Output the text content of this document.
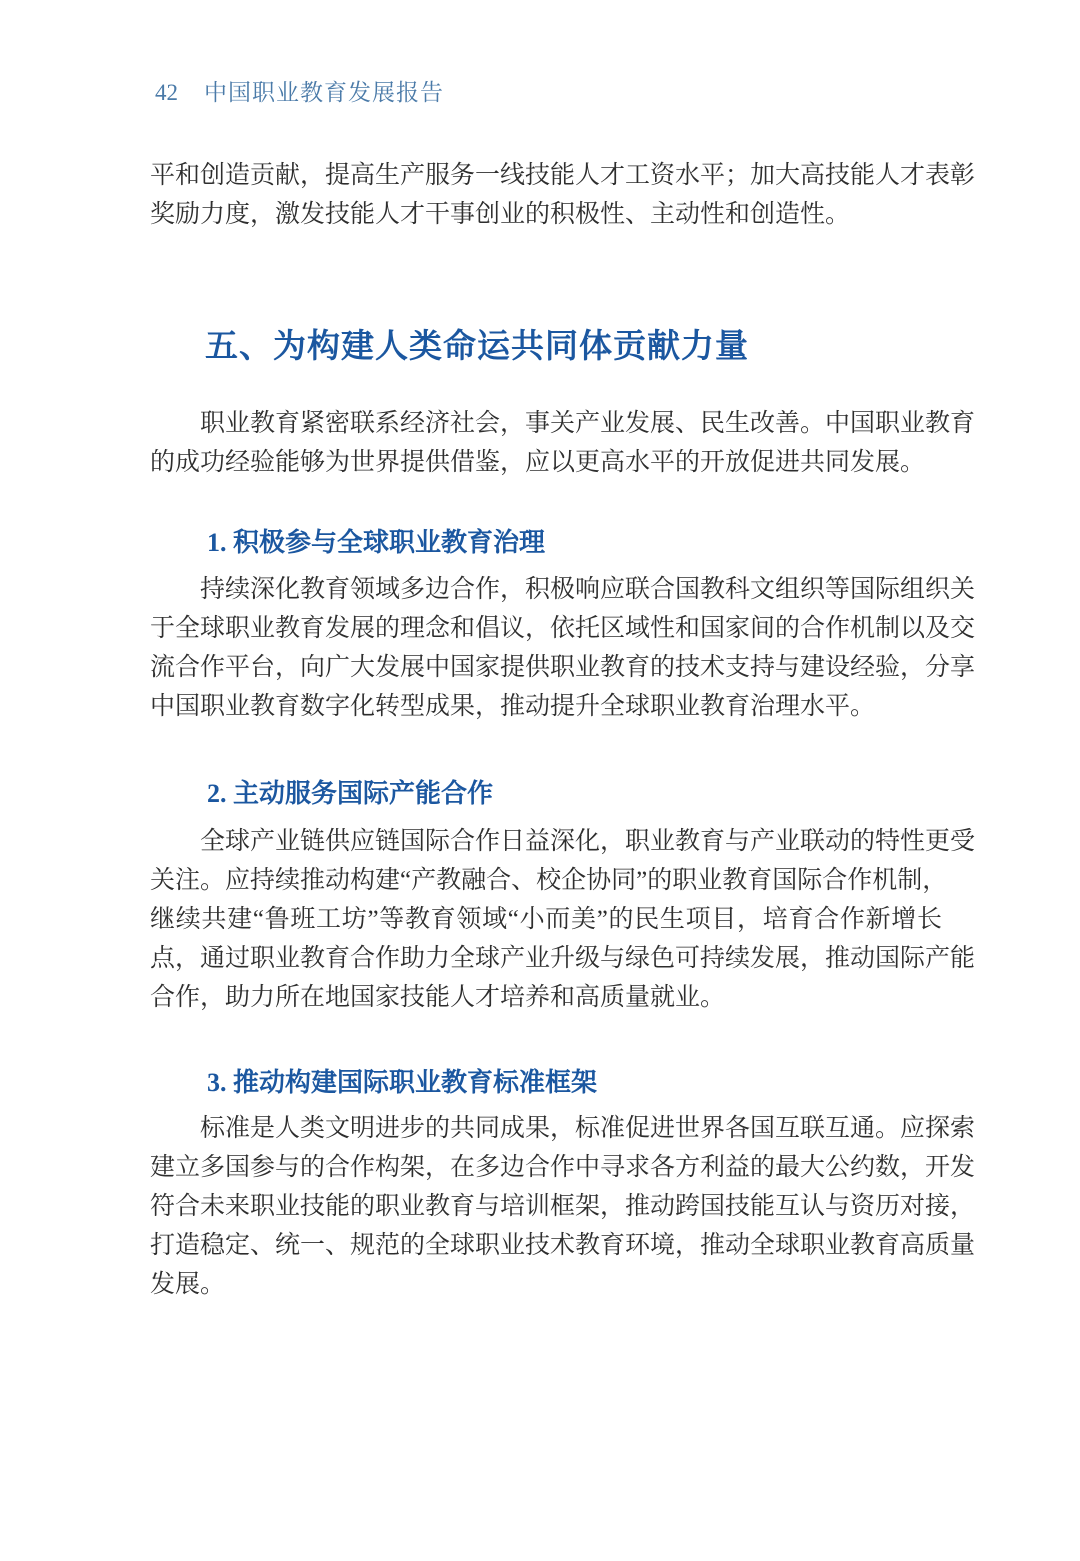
42 中国职业教育发展报告
平和创造贡献，提高生产服务一线技能人才工资水平；加大高技能人才表彰
奖励力度，激发技能人才干事创业的积极性、主动性和创造性。
五、为构建人类命运共同体贡献力量
职业教育紧密联系经济社会，事关产业发展、民生改善。中国职业教育
的成功经验能够为世界提供借鉴，应以更高水平的开放促进共同发展。
1. 积极参与全球职业教育治理
持续深化教育领域多边合作，积极响应联合国教科文组织等国际组织关
于全球职业教育发展的理念和倡议，依托区域性和国家间的合作机制以及交
流合作平台，向广大发展中国家提供职业教育的技术支持与建设经验，分享
中国职业教育数字化转型成果，推动提升全球职业教育治理水平。
2. 主动服务国际产能合作
全球产业链供应链国际合作日益深化，职业教育与产业联动的特性更受
关注。应持续推动构建“产教融合、校企协同”的职业教育国际合作机制，
继续共建“鲁班工坊”等教育领域“小而美”的民生项目，培育合作新增长
点，通过职业教育合作助力全球产业升级与绿色可持续发展，推动国际产能
合作，助力所在地国家技能人才培养和高质量就业。
3. 推动构建国际职业教育标准框架
标准是人类文明进步的共同成果，标准促进世界各国互联互通。应探索
建立多国参与的合作构架，在多边合作中寻求各方利益的最大公约数，开发
符合未来职业技能的职业教育与培训框架，推动跨国技能互认与资历对接，
打造稳定、统一、规范的全球职业技术教育环境，推动全球职业教育高质量
发展。
